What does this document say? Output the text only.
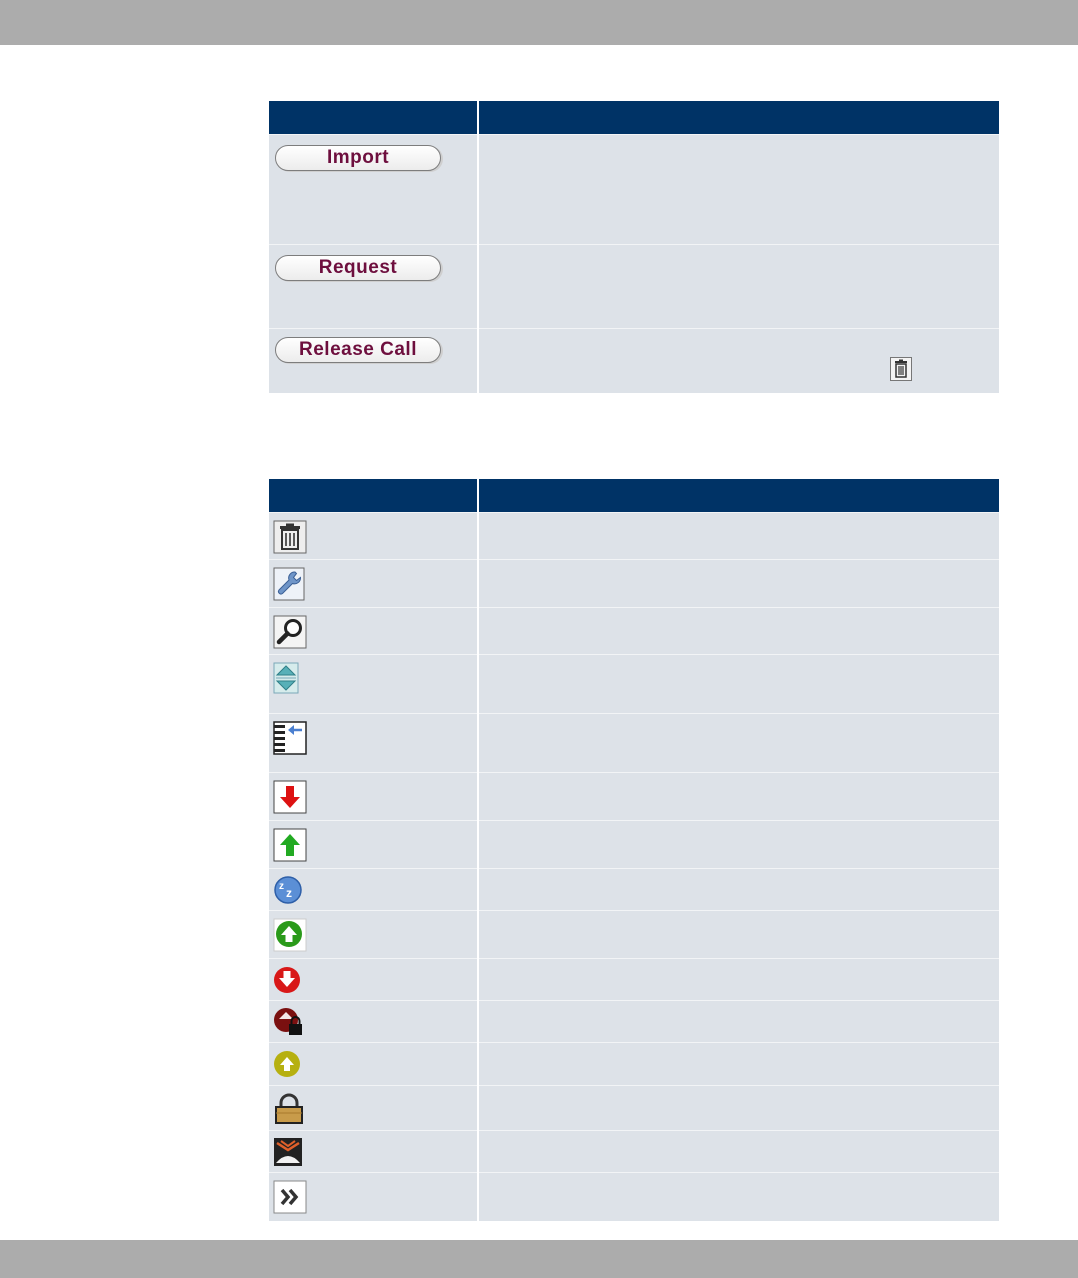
Import	
Request	
Release Call	

z z	
